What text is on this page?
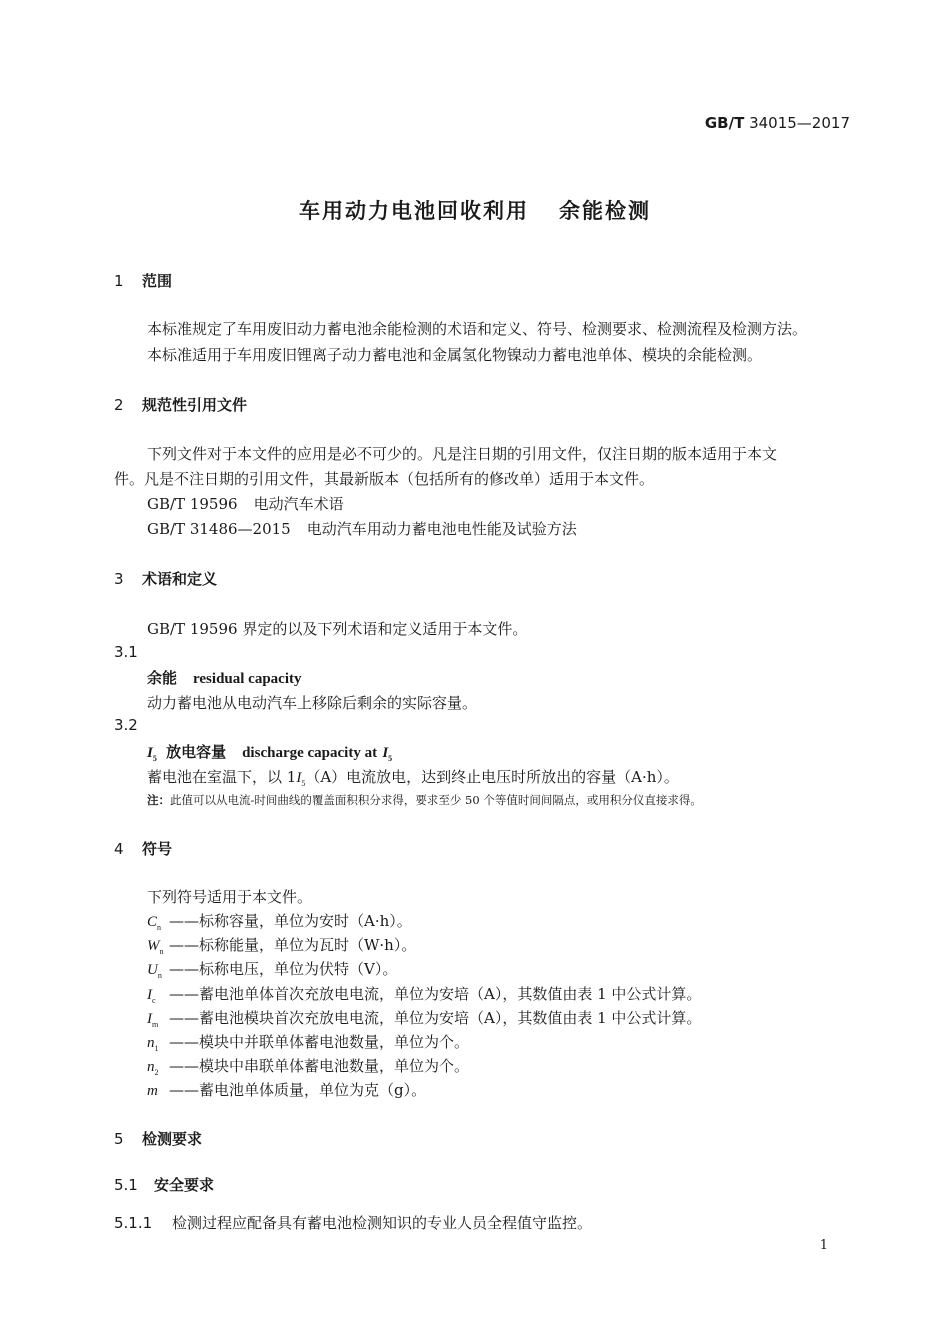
GB/T 34015—2017
车用动力电池回收利用 余能检测
1 范围
本标准规定了车用废旧动力蓄电池余能检测的术语和定义、符号、检测要求、检测流程及检测方法。
本标准适用于车用废旧锂离子动力蓄电池和金属氢化物镍动力蓄电池单体、模块的余能检测。
2 规范性引用文件
下列文件对于本文件的应用是必不可少的。凡是注日期的引用文件，仅注日期的版本适用于本文
件。凡是不注日期的引用文件，其最新版本（包括所有的修改单）适用于本文件。
GB/T 19596 电动汽车术语
GB/T 31486—2015 电动汽车用动力蓄电池电性能及试验方法
3 术语和定义
GB/T 19596 界定的以及下列术语和定义适用于本文件。
3.1
余能 residual capacity
动力蓄电池从电动汽车上移除后剩余的实际容量。
3.2
$I_5$ 放电容量 discharge capacity at $I_5$
蓄电池在室温下，以 $1I_5(A)$电流放电，达到终止电压时所放出的容量（A·h）。
注：此值可以从电流-时间曲线的覆盖面积积分求得，要求至少 50 个等值时间间隔点，或用积分仪直接求得。
4 符号
下列符号适用于本文件。
$C_n$ ——标称容量，单位为安时（A·h）。
$W_n$ ——标称能量，单位为瓦时（W·h）。
$U_n$ ——标称电压，单位为伏特（V）。
$I_c$ ——蓄电池单体首次充放电电流，单位为安培（A），其数值由表 1 中公式计算。
$I_m$ ——蓄电池模块首次充放电电流，单位为安培（A），其数值由表 1 中公式计算。
$n_1$ ——模块中并联单体蓄电池数量，单位为个。
$n_2$ ——模块中串联单体蓄电池数量，单位为个。
m ——蓄电池单体质量，单位为克（g）。
5 检测要求
5.1 安全要求
5.1.1 检测过程应配备具有蓄电池检测知识的专业人员全程值守监控。
1
